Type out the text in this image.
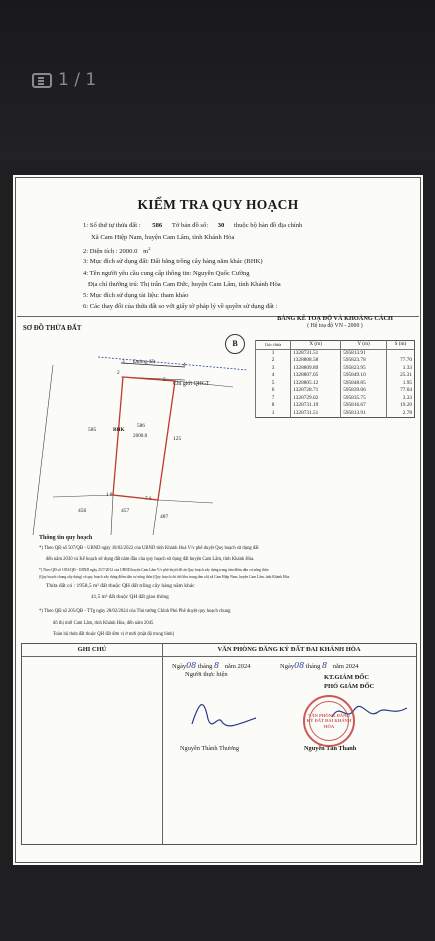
1 / 1
KIỂM TRA QUY HOẠCH
1: Số thứ tự thửa đất : 586 Tờ bản đồ số: 30 thuộc bộ bản đồ địa chính
Xã Cam Hiệp Nam, huyện Cam Lâm, tỉnh Khánh Hòa
2: Diện tích : 2000.0 $m^2$
3: Mục đích sử dụng đất: Đất bằng trồng cây hàng năm khác (BHK)
4: Tên người yêu cầu cung cấp thông tin: Nguyễn Quốc Cường
Địa chỉ thường trú: Thị trấn Cam Đức, huyện Cam Lâm, tỉnh Khánh Hòa
5: Mục đích sử dụng tài liệu: tham khảo
6: Các thay đổi của thửa đất so với giấy tờ pháp lý về quyền sử dụng đất :
SƠ ĐỒ THỬA ĐẤT
3 Đường đất	4
2
5
Chỉ giới QHGT
BHK
586
2000.0
585
125
1 8
7 6
456	457
487
B
BẢNG KÊ TOẠ ĐỘ VÀ KHOẢNG CÁCH
( Hệ toạ độ VN - 2000 )
Góc thửa	X (m)	Y (m)	S (m)
1	1328731.51	595813.91	
2	1328808.58	595823.78	77.70
3	1328809.89	595823.95	1.33
4	1328807.05	595849.10	25.31
5	1328805.12	595848.85	1.95
6	1328728.71	595839.06	77.04
7	1328729.02	595835.75	3.33
8	1328731.19	595816.67	19.20
1	1328731.51	595813.91	2.78
Thông tin quy hoạch
*) Theo QĐ số 507/QĐ - UBND ngày 18/02/2022 của UBND tỉnh Khánh Hoà V/v phê duyệt Quy hoạch sử dụng đất
đến năm 2030 và Kế hoạch sử dụng đất năm đầu của quy hoạch sử dụng đất huyện Cam Lâm, tỉnh Khánh Hòa.
*) Theo QĐ số 1053/QĐ - UBND ngày 25/7/2012 của UBND huyện Cam Lâm V/v phê duyệt đồ án Quy hoạch xây dựng trung tâm điểm dân cư nông thôn
(Quy hoạch chung xây dựng) và quy hoạch xây dựng điểm dân cư nông thôn (Quy hoạch chi tiết khu trung tâm xã) xã Cam Hiệp Nam, huyện Cam Lâm, tỉnh Khánh Hòa.
Thửa đất có : 1958,5 m² đất thuộc QH đất trồng cây hàng năm khác
41,5 m² đất thuộc QH đất giao thông
*) Theo QĐ số 205/QĐ - TTg ngày 28/02/2024 của Thủ tướng Chính Phủ Phê duyệt quy hoạch chung
đô thị mới Cam Lâm, tỉnh Khánh Hòa, đến năm 2045
Toàn bộ thửa đất thuộc QH đất đơn vị ở mới (mật độ trung bình)
GHI CHÚ	VĂN PHÒNG ĐĂNG KÝ ĐẤT ĐAI KHÁNH HÒA
Ngày08 tháng 8 năm 2024
Người thực hiện
Nguyễn Thành Thương
Ngày08 tháng 8 năm 2024
KT.GIÁM ĐỐC
PHÓ GIÁM ĐỐC
Nguyễn Tấn Thanh
VĂN PHÒNG ĐĂNG KÝ ĐẤT ĐAI KHÁNH HÒA
